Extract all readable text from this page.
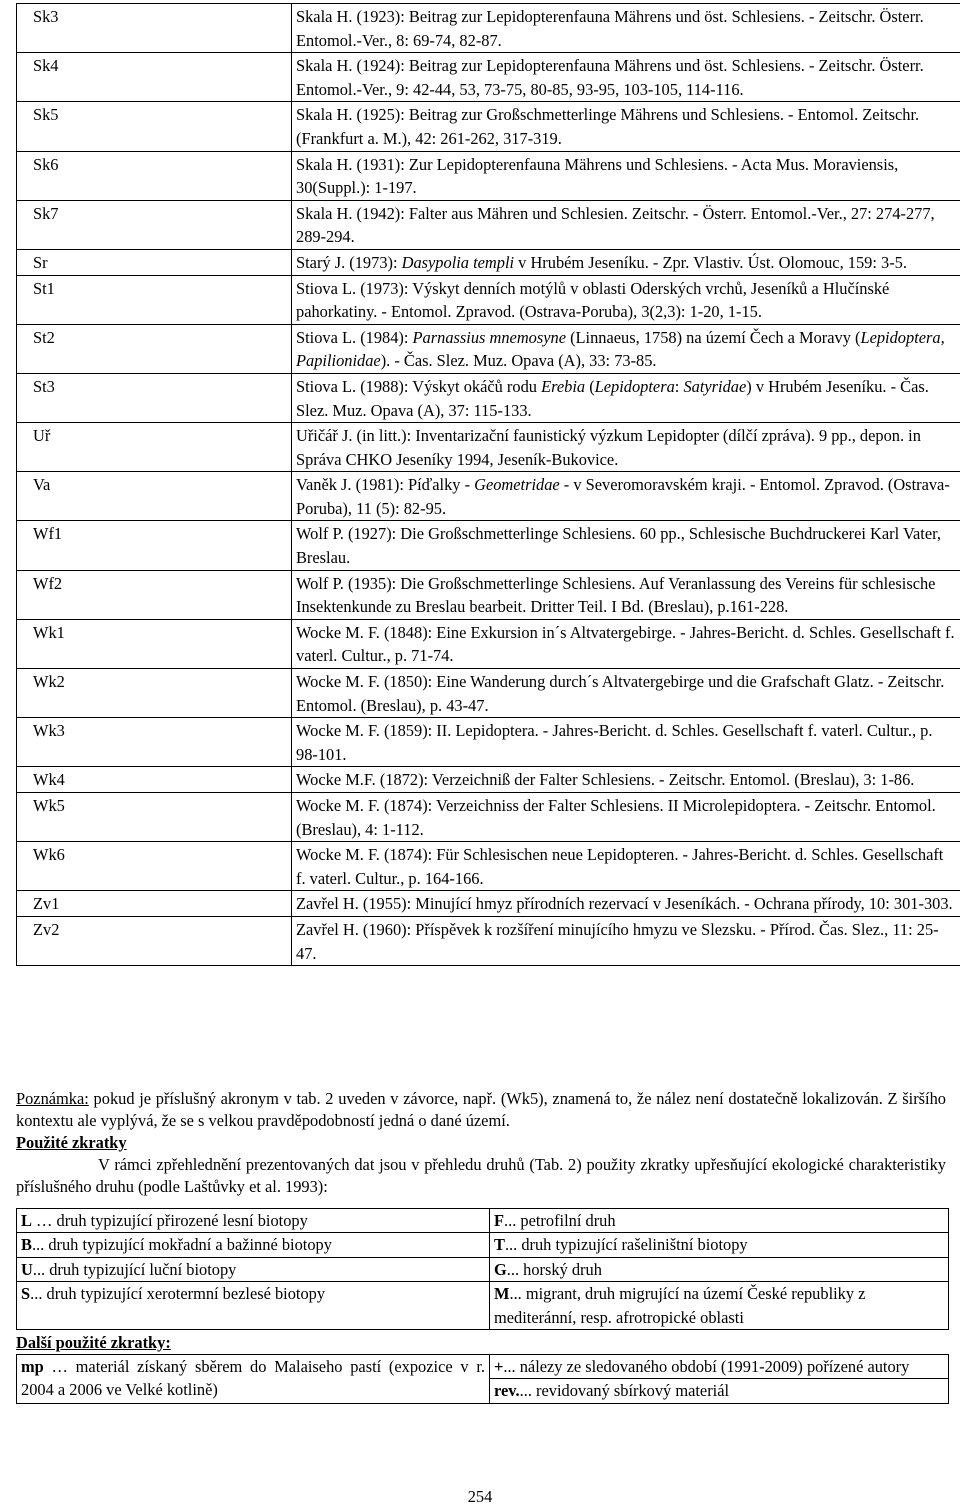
Sk3	Skala H. (1923): Beitrag zur Lepidopterenfauna Mährens und öst. Schlesiens. - Zeitschr. Österr. Entomol.-Ver., 8: 69-74, 82-87.
Sk4	Skala H. (1924): Beitrag zur Lepidopterenfauna Mährens und öst. Schlesiens. - Zeitschr. Österr. Entomol.-Ver., 9: 42-44, 53, 73-75, 80-85, 93-95, 103-105, 114-116.
Sk5	Skala H. (1925): Beitrag zur Großschmetterlinge Mährens und Schlesiens. - Entomol. Zeitschr. (Frankfurt a. M.), 42: 261-262, 317-319.
Sk6	Skala H. (1931): Zur Lepidopterenfauna Mährens und Schlesiens. - Acta Mus. Moraviensis, 30(Suppl.): 1-197.
Sk7	Skala H. (1942): Falter aus Mähren und Schlesien. Zeitschr. - Österr. Entomol.-Ver., 27: 274-277, 289-294.
Sr	Starý J. (1973): Dasypolia templi v Hrubém Jeseníku. - Zpr. Vlastiv. Úst. Olomouc, 159: 3-5.
St1	Stiova L. (1973): Výskyt denních motýlů v oblasti Oderských vrchů, Jeseníků a Hlučínské pahorkatiny. - Entomol. Zpravod. (Ostrava-Poruba), 3(2,3): 1-20, 1-15.
St2	Stiova L. (1984): Parnassius mnemosyne (Linnaeus, 1758) na území Čech a Moravy (Lepidoptera, Papilionidae). - Čas. Slez. Muz. Opava (A), 33: 73-85.
St3	Stiova L. (1988): Výskyt okáčů rodu Erebia (Lepidoptera: Satyridae) v Hrubém Jeseníku. - Čas. Slez. Muz. Opava (A), 37: 115-133.
Uř	Uřičář J. (in litt.): Inventarizační faunistický výzkum Lepidopter (dílčí zpráva). 9 pp., depon. in Správa CHKO Jeseníky 1994, Jeseník-Bukovice.
Va	Vaněk J. (1981): Píďalky - Geometridae - v Severomoravském kraji. - Entomol. Zpravod. (Ostrava-Poruba), 11 (5): 82-95.
Wf1	Wolf P. (1927): Die Großschmetterlinge Schlesiens. 60 pp., Schlesische Buchdruckerei Karl Vater, Breslau.
Wf2	Wolf P. (1935): Die Großschmetterlinge Schlesiens. Auf Veranlassung des Vereins für schlesische Insektenkunde zu Breslau bearbeit. Dritter Teil. I Bd. (Breslau), p.161-228.
Wk1	Wocke M. F. (1848): Eine Exkursion in´s Altvatergebirge. - Jahres-Bericht. d. Schles. Gesellschaft f. vaterl. Cultur., p. 71-74.
Wk2	Wocke M. F. (1850): Eine Wanderung durch´s Altvatergebirge und die Grafschaft Glatz. - Zeitschr. Entomol. (Breslau), p. 43-47.
Wk3	Wocke M. F. (1859): II. Lepidoptera. - Jahres-Bericht. d. Schles. Gesellschaft f. vaterl. Cultur., p. 98-101.
Wk4	Wocke M.F. (1872): Verzeichniß der Falter Schlesiens. - Zeitschr. Entomol. (Breslau), 3: 1-86.
Wk5	Wocke M. F. (1874): Verzeichniss der Falter Schlesiens. II Microlepidoptera. - Zeitschr. Entomol. (Breslau), 4: 1-112.
Wk6	Wocke M. F. (1874): Für Schlesischen neue Lepidopteren. - Jahres-Bericht. d. Schles. Gesellschaft f. vaterl. Cultur., p. 164-166.
Zv1	Zavřel H. (1955): Minující hmyz přírodních rezervací v Jeseníkách. - Ochrana přírody, 10: 301-303.
Zv2	Zavřel H. (1960): Příspěvek k rozšíření minujícího hmyzu ve Slezsku. - Přírod. Čas. Slez., 11: 25-47.
Poznámka: pokud je příslušný akronym v tab. 2 uveden v závorce, např. (Wk5), znamená to, že nález není dostatečně lokalizován. Z širšího kontextu ale vyplývá, že se s velkou pravděpodobností jedná o dané území.
Použité zkratky
V rámci zpřehlednění prezentovaných dat jsou v přehledu druhů (Tab. 2) použity zkratky upřesňující ekologické charakteristiky příslušného druhu (podle Laštůvky et al. 1993):
L … druh typizující přirozené lesní biotopy	F... petrofilní druh
B... druh typizující mokřadní a bažinné biotopy	T... druh typizující rašeliništní biotopy
U... druh typizující luční biotopy	G... horský druh
S... druh typizující xerotermní bezlesé biotopy	M... migrant, druh migrující na území České republiky z mediteránní, resp. afrotropické oblasti
Další použité zkratky:
mp … materiál získaný sběrem do Malaiseho pastí (expozice v r. 2004 a 2006 ve Velké kotlině)	+... nálezy ze sledovaného období (1991-2009) pořízené autory
rev.... revidovaný sbírkový materiál
254
